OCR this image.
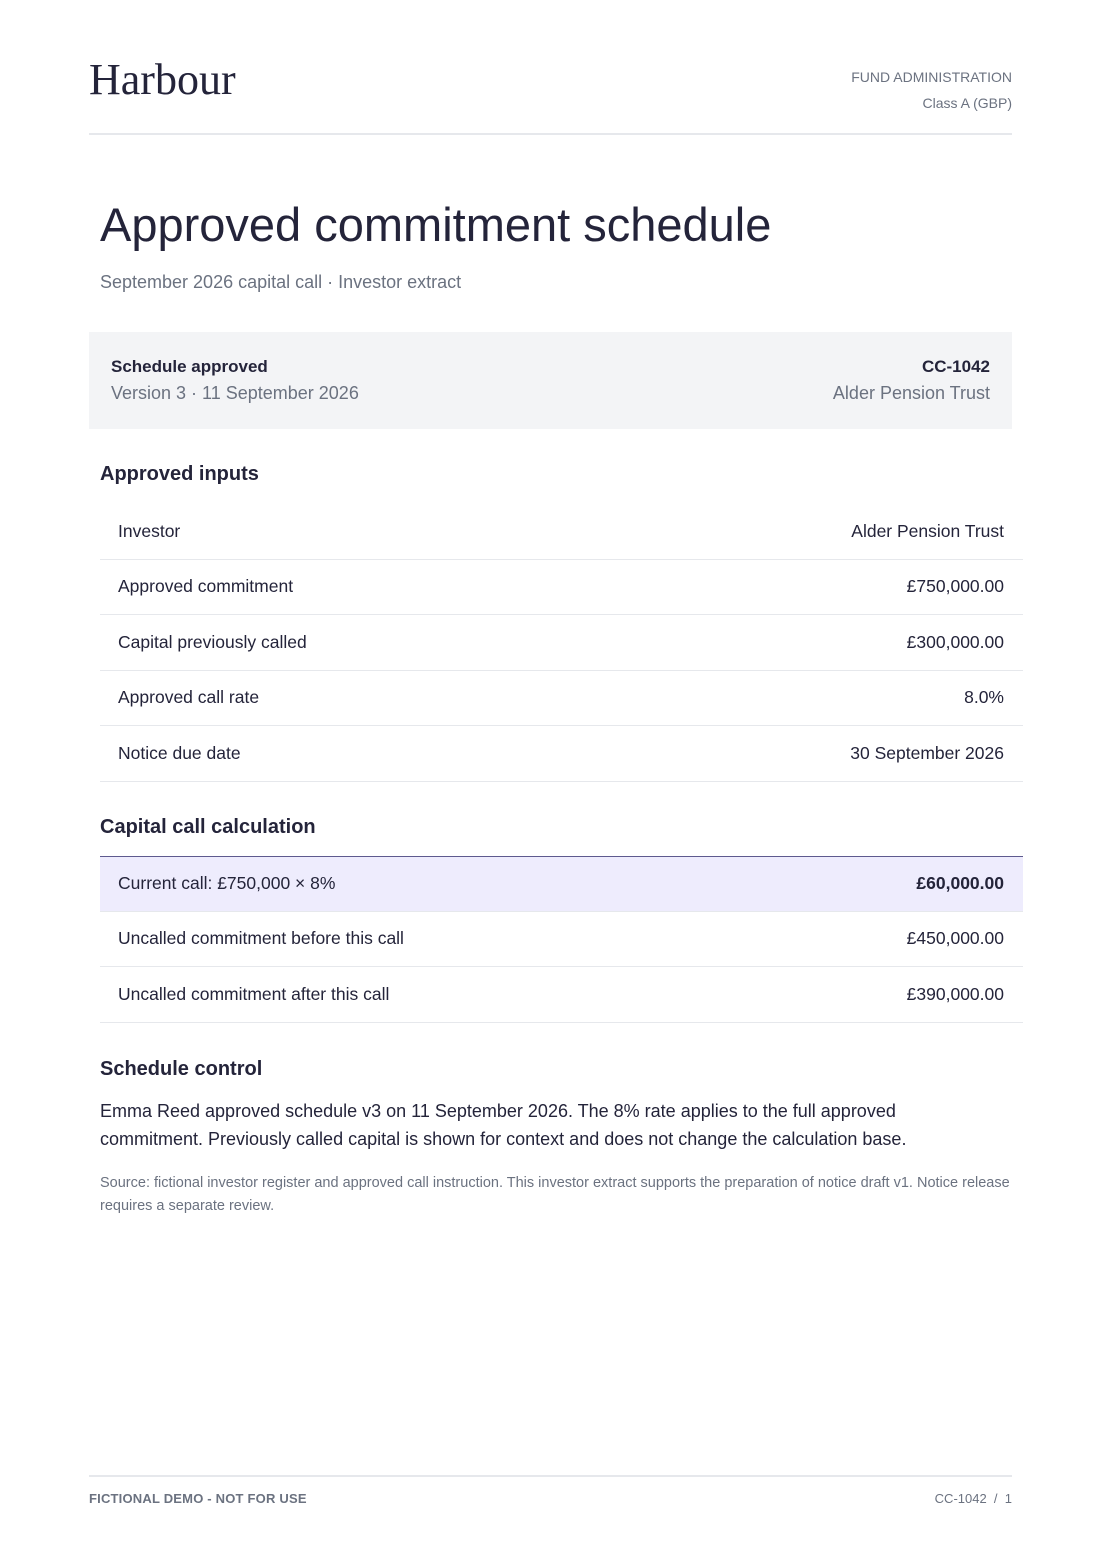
Harbour	FUND ADMINISTRATION
Class A (GBP)
Approved commitment schedule
September 2026 capital call · Investor extract
Schedule approved
Version 3 · 11 September 2026
CC-1042
Alder Pension Trust
Approved inputs
Investor	Alder Pension Trust
Approved commitment	£750,000.00
Capital previously called	£300,000.00
Approved call rate	8.0%
Notice due date	30 September 2026
Capital call calculation
Current call: £750,000 × 8%	£60,000.00
Uncalled commitment before this call	£450,000.00
Uncalled commitment after this call	£390,000.00
Schedule control
Emma Reed approved schedule v3 on 11 September 2026. The 8% rate applies to the full approved commitment. Previously called capital is shown for context and does not change the calculation base.
Source: fictional investor register and approved call instruction. This investor extract supports the preparation of notice draft v1. Notice release requires a separate review.
FICTIONAL DEMO - NOT FOR USE	CC-1042  /  1
